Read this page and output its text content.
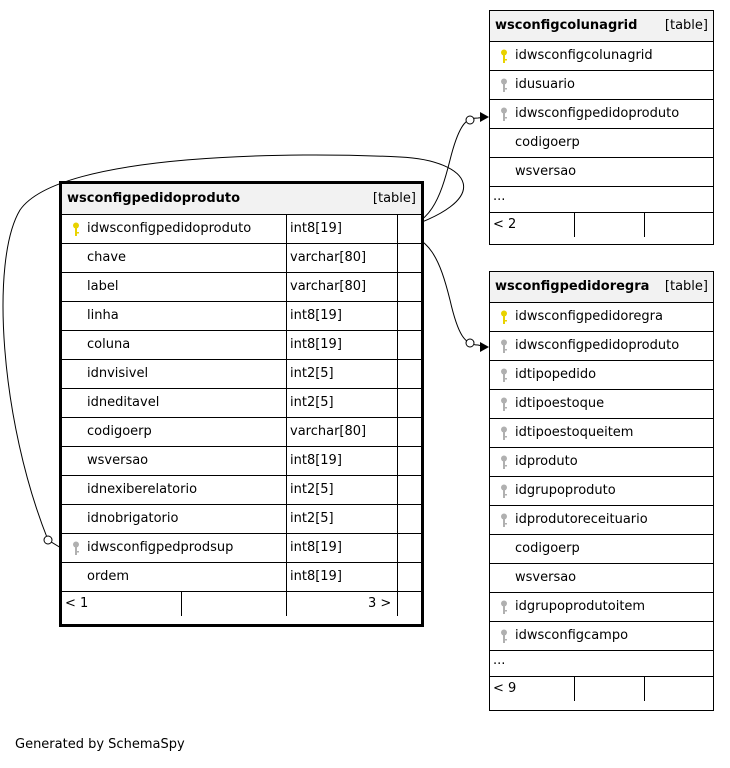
wsconfigpedidoproduto	[table]
idwsconfigpedidoproduto	int8[19]
chave	varchar[80]
label	varchar[80]
linha	int8[19]
coluna	int8[19]
idnvisivel	int2[5]
idneditavel	int2[5]
codigoerp	varchar[80]
wsversao	int8[19]
idnexiberelatorio	int2[5]
idnobrigatorio	int2[5]
idwsconfigpedprodsup	int8[19]
ordem	int8[19]
< 1	3 >
wsconfigcolunagrid [table]
idwsconfigcolunagrid
idusuario
idwsconfigpedidoproduto
codigoerp
wsversao
...
< 2
wsconfigpedidoregra [table]
idwsconfigpedidoregra
idwsconfigpedidoproduto
idtipopedido
idtipoestoque
idtipoestoqueitem
idproduto
idgrupoproduto
idprodutoreceituario
codigoerp
wsversao
idgrupoprodutoitem
idwsconfigcampo
...
< 9
Generated by SchemaSpy
